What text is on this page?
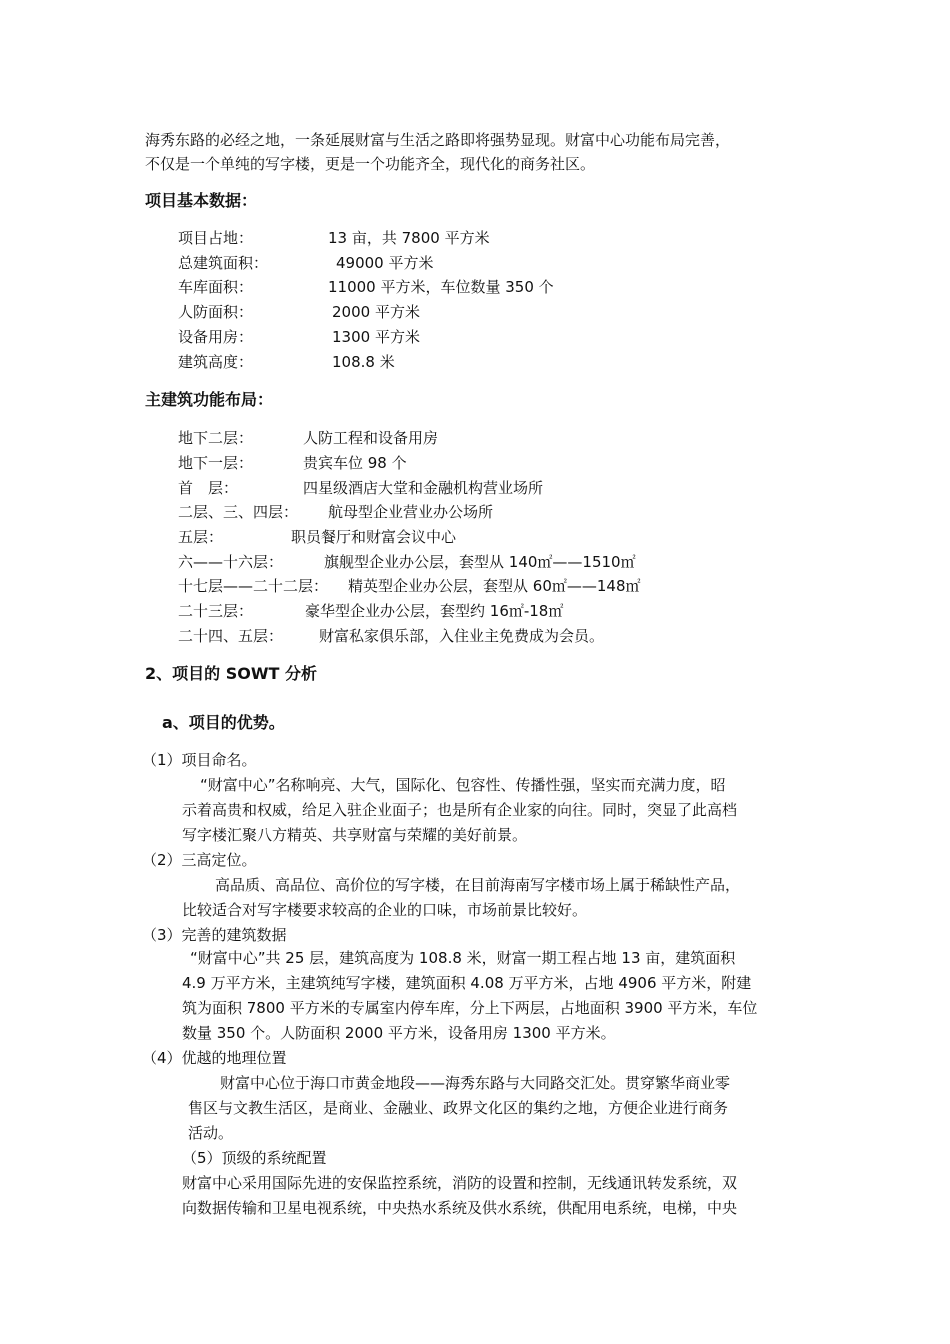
海秀东路的必经之地，一条延展财富与生活之路即将强势显现。财富中心功能布局完善，
不仅是一个单纯的写字楼，更是一个功能齐全，现代化的商务社区。
项目基本数据：
项目占地：	13 亩，共 7800 平方米
总建筑面积：	49000 平方米
车库面积：	11000 平方米，车位数量 350 个
人防面积：	2000 平方米
设备用房：	1300 平方米
建筑高度：	108.8 米
主建筑功能布局：
地下二层：	人防工程和设备用房
地下一层：	贵宾车位 98 个
首　层：	四星级酒店大堂和金融机构营业场所
二层、三、四层： 航母型企业营业办公场所
五层：	职员餐厅和财富会议中心
六——十六层：	旗舰型企业办公层，套型从 140㎡——1510㎡
十七层——二十二层： 精英型企业办公层，套型从 60㎡——148㎡
二十三层：	豪华型企业办公层，套型约 16㎡-18㎡
二十四、五层： 财富私家俱乐部，入住业主免费成为会员。
2、项目的 SOWT 分析
a、项目的优势。
（1）项目命名。
“财富中心”名称响亮、大气，国际化、包容性、传播性强，坚实而充满力度，昭
示着高贵和权威，给足入驻企业面子；也是所有企业家的向往。同时，突显了此高档
写字楼汇聚八方精英、共享财富与荣耀的美好前景。
（2）三高定位。
高品质、高品位、高价位的写字楼，在目前海南写字楼市场上属于稀缺性产品，
比较适合对写字楼要求较高的企业的口味，市场前景比较好。
（3）完善的建筑数据
“财富中心”共 25 层，建筑高度为 108.8 米，财富一期工程占地 13 亩，建筑面积
4.9 万平方米，主建筑纯写字楼，建筑面积 4.08 万平方米，占地 4906 平方米，附建
筑为面积 7800 平方米的专属室内停车库，分上下两层，占地面积 3900 平方米，车位
数量 350 个。人防面积 2000 平方米，设备用房 1300 平方米。
（4）优越的地理位置
财富中心位于海口市黄金地段——海秀东路与大同路交汇处。贯穿繁华商业零
售区与文教生活区，是商业、金融业、政界文化区的集约之地，方便企业进行商务
活动。
（5）顶级的系统配置
财富中心采用国际先进的安保监控系统，消防的设置和控制，无线通讯转发系统，双
向数据传输和卫星电视系统，中央热水系统及供水系统，供配用电系统，电梯，中央
